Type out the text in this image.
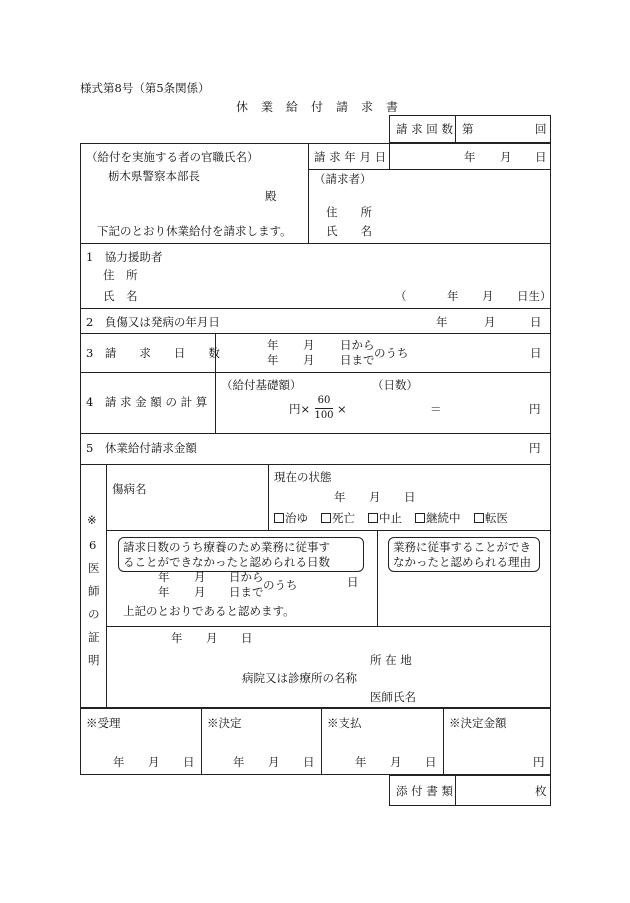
様式第8号（第5条関係）
休　業　給　付　請　求　書
請 求 回 数 第	回
（給付を実施する者の官職氏名）
栃木県警察本部長
殿
下記のとおり休業給付を請求します。
請 求 年 月 日	年 月 日
（請求者）
住　　所
氏　　名
1　協力援助者
住　所
氏　名	（	年 月 日生）
2　負傷又は発病の年月日	年	月	日
3　請　　求　　日　　数
年 月 日から
年 月 日まで のうち	日
4　請 求 金 額 の 計 算
（給付基礎額）	（日数）
円×
60
100 ×	＝	円
5　休業給付請求金額	円
※
6
医
師
の
証
明
傷病名
現在の状態
年 月 日
治ゆ	死亡	中止	継続中	転医
請求日数のうち療養のため業務に従事す
ることができなかったと認められる日数
年 月 日から
年 月 日まで のうち	日
上記のとおりであると認めます。
業務に従事することができ
なかったと認められる理由
年 月 日
所 在 地
病院又は診療所の名称
医師氏名
※受理
年 月 日
※決定
年 月 日
※支払
年 月 日
※決定金額
円
添 付 書 類	枚
